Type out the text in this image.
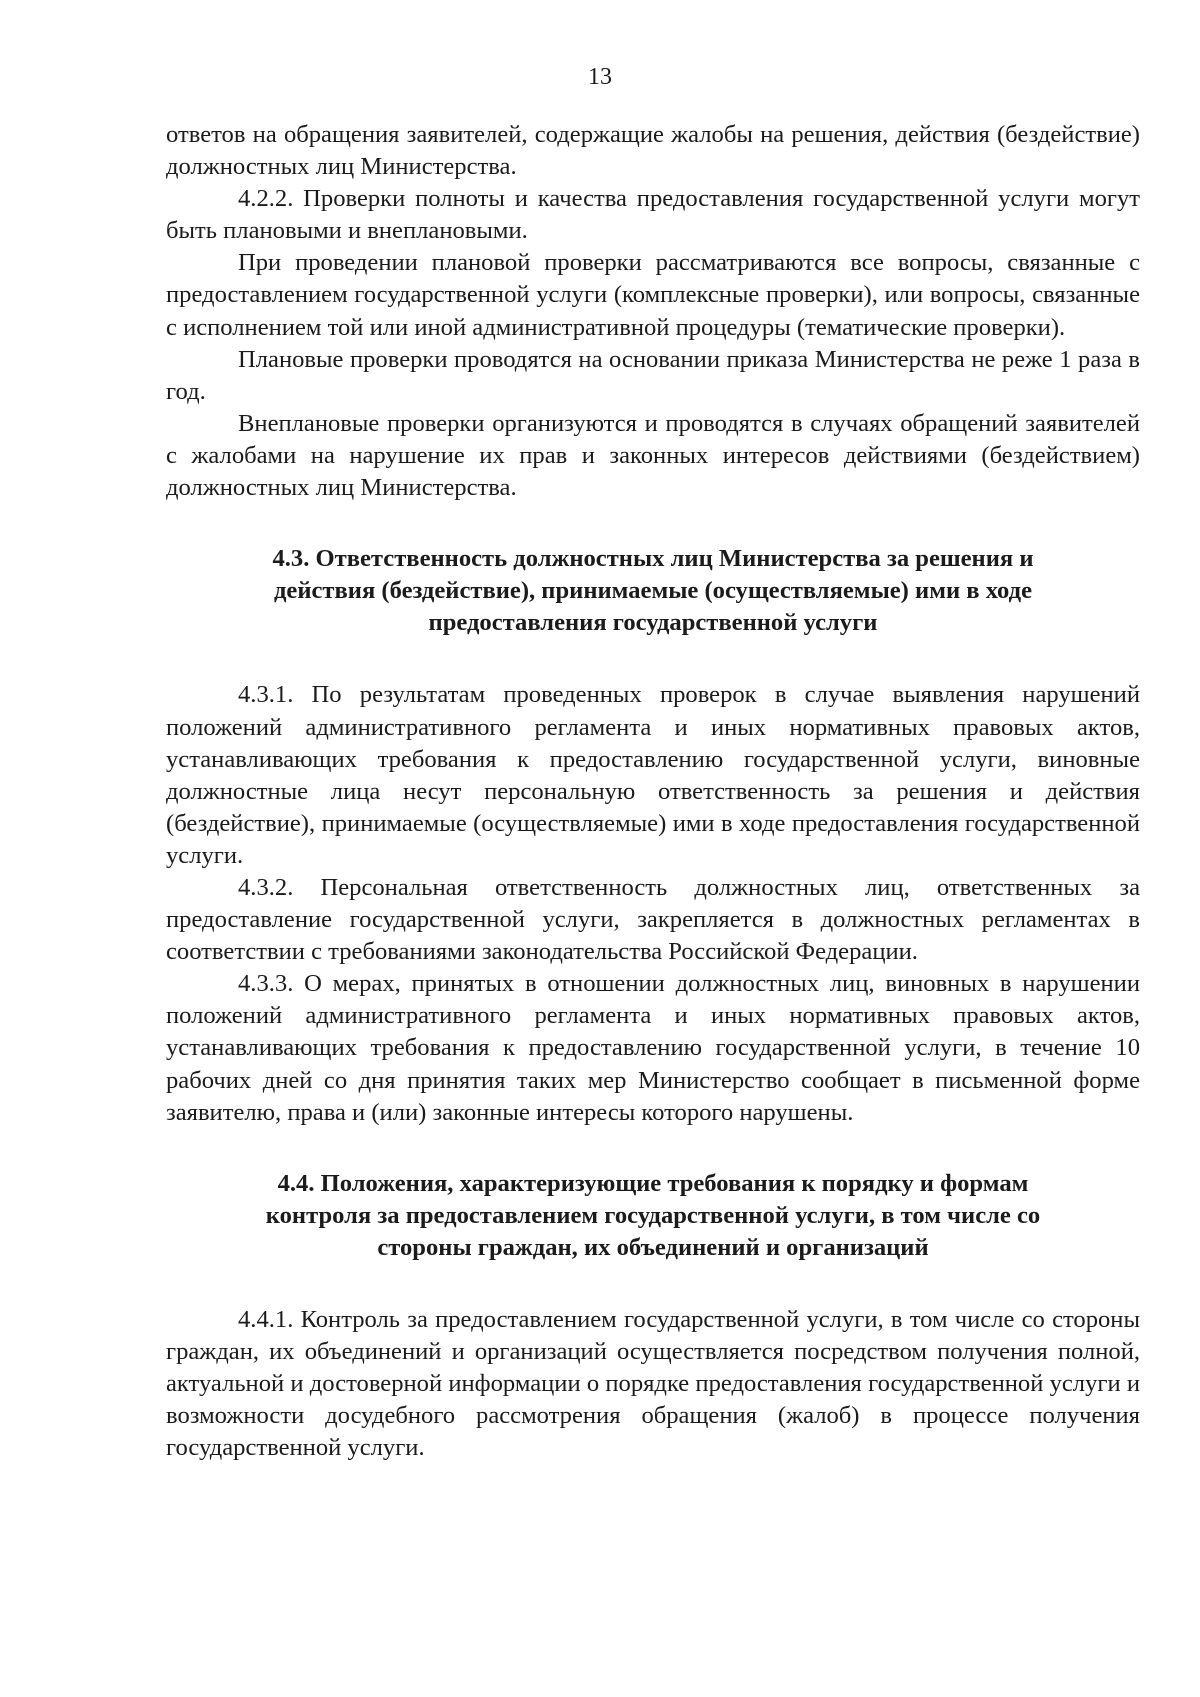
13

ответов на обращения заявителей, содержащие жалобы на решения, действия (бездействие) должностных лиц Министерства.

4.2.2. Проверки полноты и качества предоставления государственной услуги могут быть плановыми и внеплановыми.

При проведении плановой проверки рассматриваются все вопросы, связанные с предоставлением государственной услуги (комплексные проверки), или вопросы, связанные с исполнением той или иной административной процедуры (тематические проверки).

Плановые проверки проводятся на основании приказа Министерства не реже 1 раза в год.

Внеплановые проверки организуются и проводятся в случаях обращений заявителей с жалобами на нарушение их прав и законных интересов действиями (бездействием) должностных лиц Министерства.

4.3. Ответственность должностных лиц Министерства за решения и действия (бездействие), принимаемые (осуществляемые) ими в ходе предоставления государственной услуги

4.3.1. По результатам проведенных проверок в случае выявления нарушений положений административного регламента и иных нормативных правовых актов, устанавливающих требования к предоставлению государственной услуги, виновные должностные лица несут персональную ответственность за решения и действия (бездействие), принимаемые (осуществляемые) ими в ходе предоставления государственной услуги.

4.3.2. Персональная ответственность должностных лиц, ответственных за предоставление государственной услуги, закрепляется в должностных регламентах в соответствии с требованиями законодательства Российской Федерации.

4.3.3. О мерах, принятых в отношении должностных лиц, виновных в нарушении положений административного регламента и иных нормативных правовых актов, устанавливающих требования к предоставлению государственной услуги, в течение 10 рабочих дней со дня принятия таких мер Министерство сообщает в письменной форме заявителю, права и (или) законные интересы которого нарушены.

4.4. Положения, характеризующие требования к порядку и формам контроля за предоставлением государственной услуги, в том числе со стороны граждан, их объединений и организаций

4.4.1. Контроль за предоставлением государственной услуги, в том числе со стороны граждан, их объединений и организаций осуществляется посредством получения полной, актуальной и достоверной информации о порядке предоставления государственной услуги и возможности досудебного рассмотрения обращения (жалоб) в процессе получения государственной услуги.
